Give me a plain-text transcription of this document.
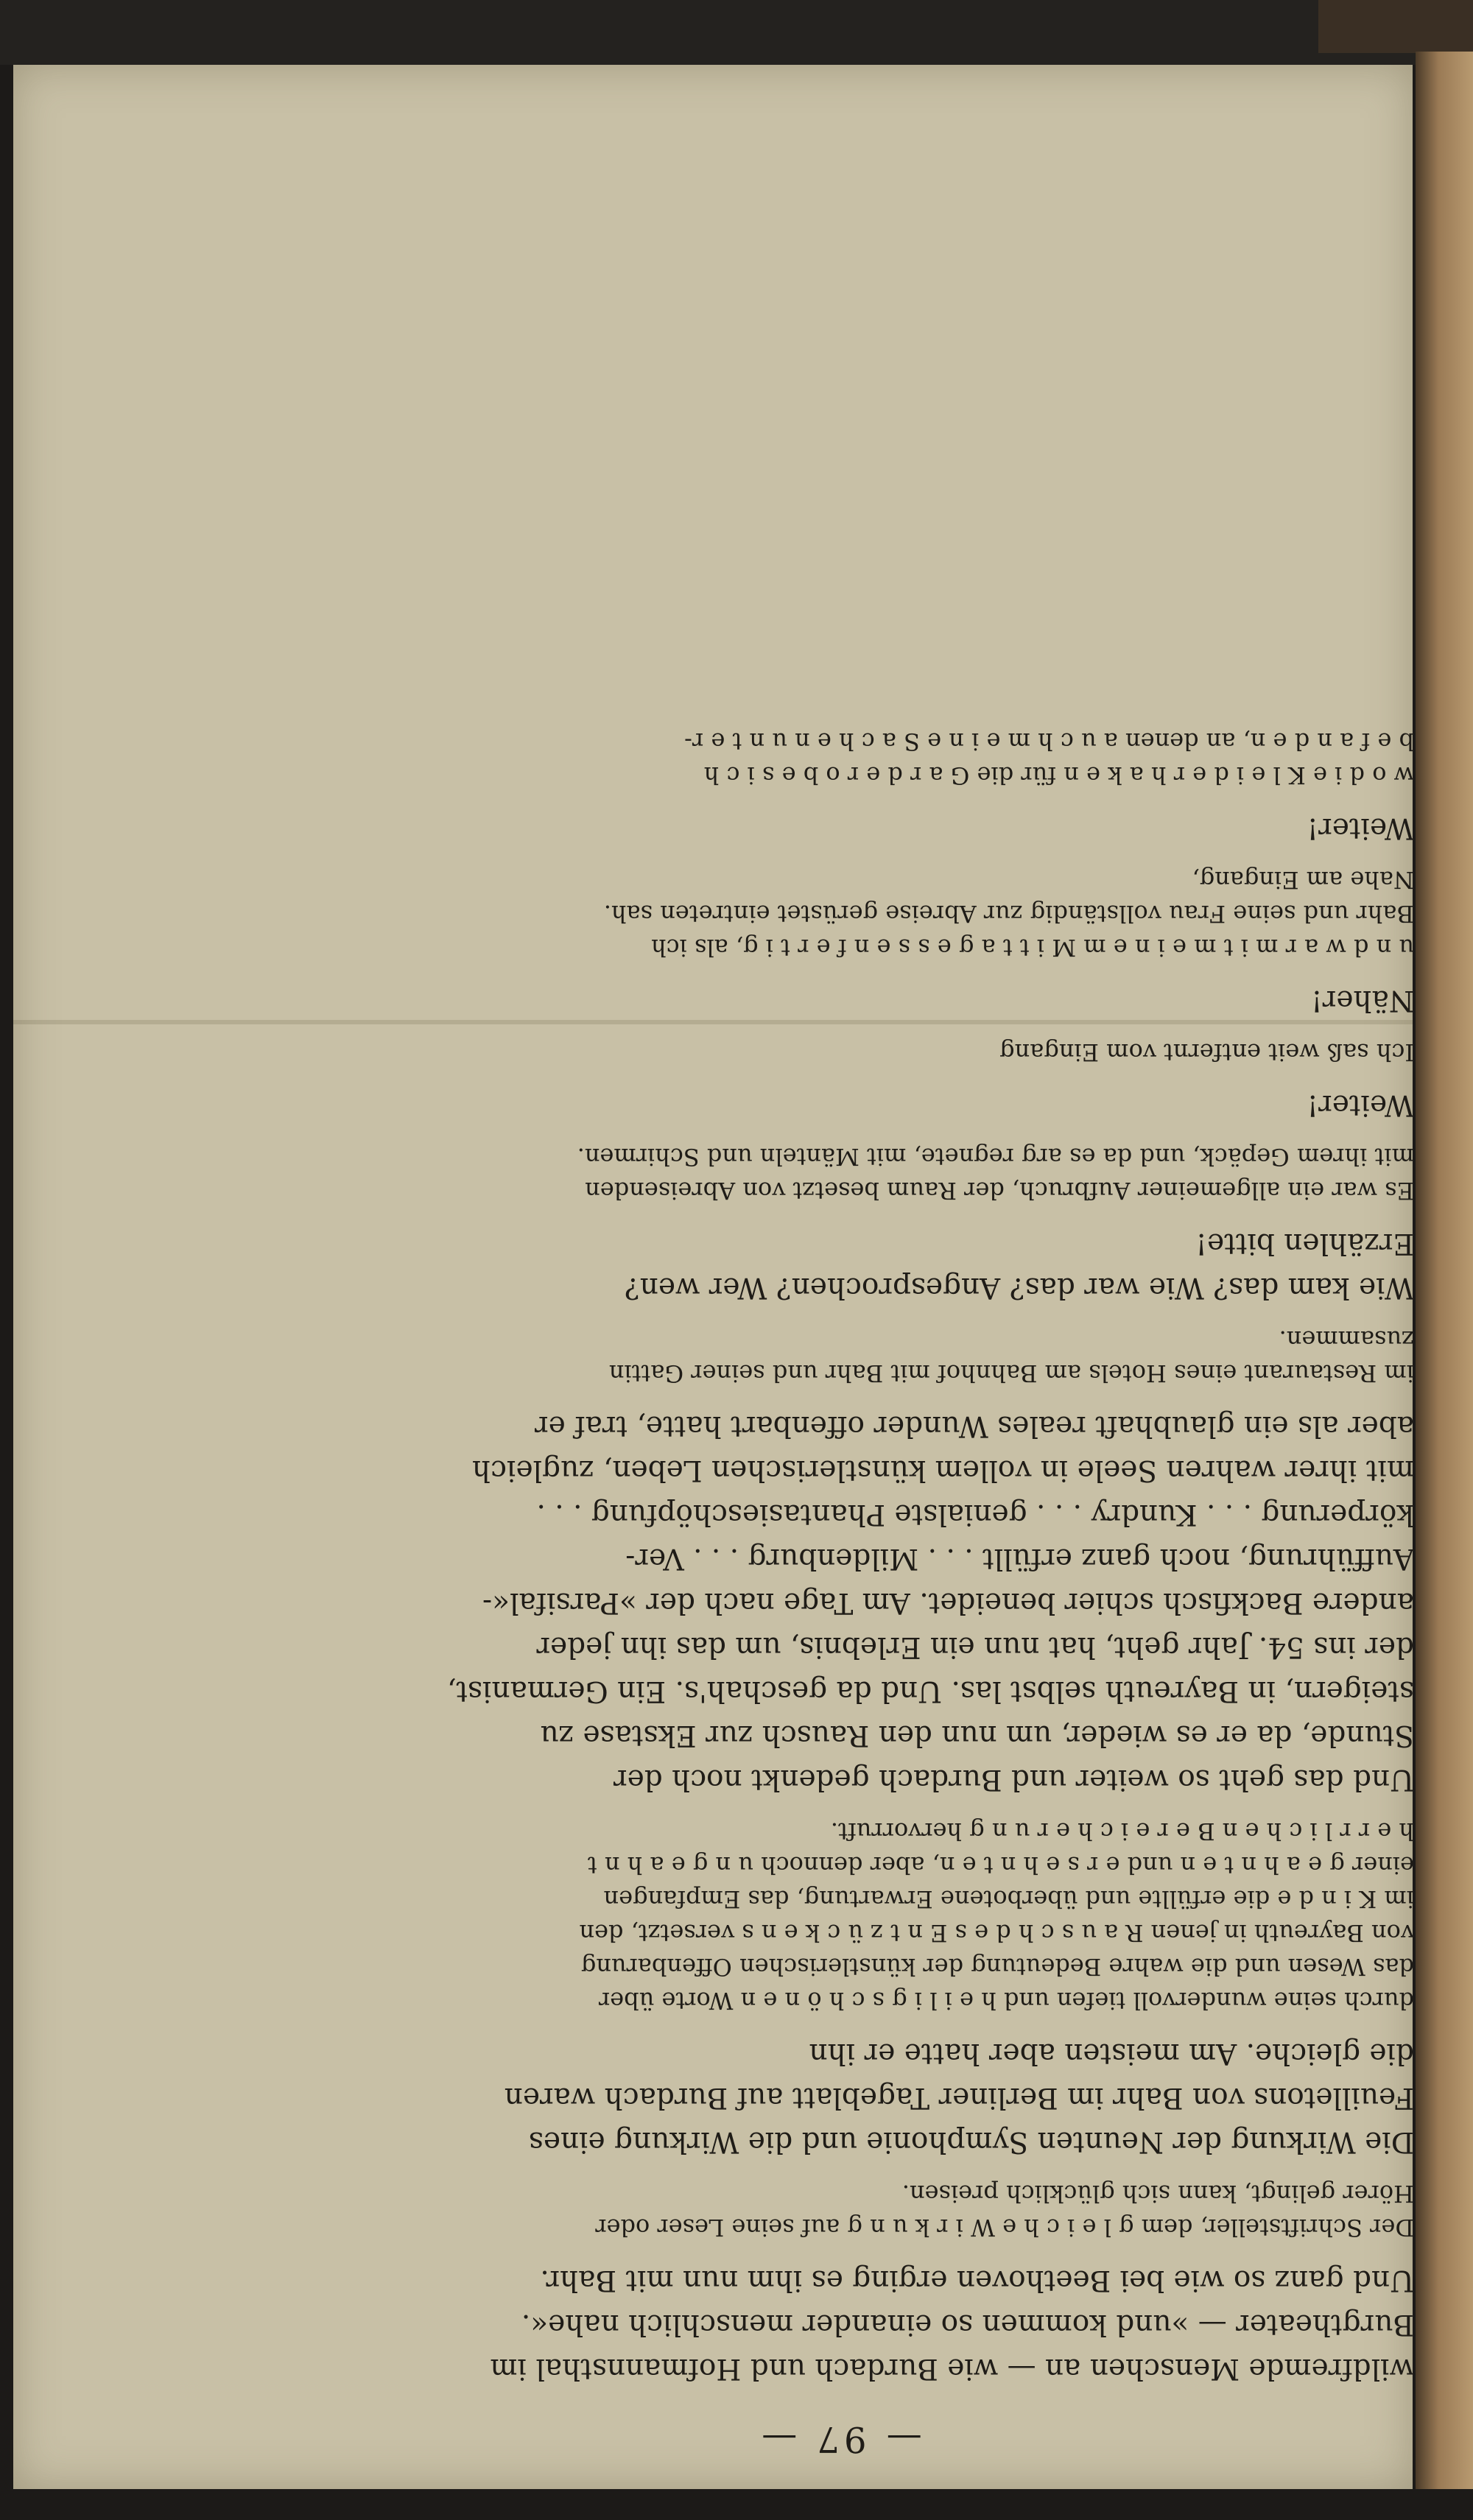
— 97 —

wildfremde Menschen an — wie Burdach und Hofmannsthal im
Burgtheater — »und kommen so einander menschlich nahe«.
Und ganz so wie bei Beethoven erging es ihm nun mit Bahr.

Der Schriftsteller, dem g l e i c h e W i r k u n g auf seine Leser oder
Hörer gelingt, kann sich glücklich preisen.

Die Wirkung der Neunten Symphonie und die Wirkung eines
Feuilletons von Bahr im Berliner Tageblatt auf Burdach waren
die gleiche. Am meisten aber hatte er ihn

durch seine wundervoll tiefen und h e i l i g s c h ö n e n Worte über
das Wesen und die wahre Bedeutung der künstlerischen Offenbarung
von Bayreuth in jenen R a u s c h d e s E n t z ü c k e n s versetzt, den
im K i n d e die erfüllte und überbotene Erwartung, das Empfangen
einer g e a h n t e n und e r s e h n t e n, aber dennoch u n g e a h n t
h e r r l i c h e n B e r e i c h e r u n g hervorruft.

Und das geht so weiter und Burdach gedenkt noch der
Stunde, da er es wieder, um nun den Rausch zur Ekstase zu
steigern, in Bayreuth selbst las. Und da geschah's. Ein Germanist,
der ins 54. Jahr geht, hat nun ein Erlebnis, um das ihn jeder
andere Backfisch schier beneidet. Am Tage nach der »Parsifal«-
Aufführung, noch ganz erfüllt . . . Mildenburg . . . Ver-
körperung . . . Kundry . . . genialste Phantasieschöpfung . . .
mit ihrer wahren Seele in vollem künstlerischen Leben, zugleich
aber als ein glaubhaft reales Wunder offenbart hatte, traf er

im Restaurant eines Hotels am Bahnhof mit Bahr und seiner Gattin
zusammen.

Wie kam das? Wie war das? Angesprochen? Wer wen?
Erzählen bitte!

Es war ein allgemeiner Aufbruch, der Raum besetzt von Abreisenden
mit ihrem Gepäck, und da es arg regnete, mit Mänteln und Schirmen.

Weiter!

Ich saß weit entfernt vom Eingang

Näher!

u n d w a r m i t m e i n e m M i t t a g e s s e n f e r t i g, als ich
Bahr und seine Frau vollständig zur Abreise gerüstet eintreten sah.
Nahe am Eingang,

Weiter!

w o d i e K l e i d e r h a k e n für die G a r d e r o b e s i c h
b e f a n d e n, an denen a u c h m e i n e S a c h e n u n t e r-
